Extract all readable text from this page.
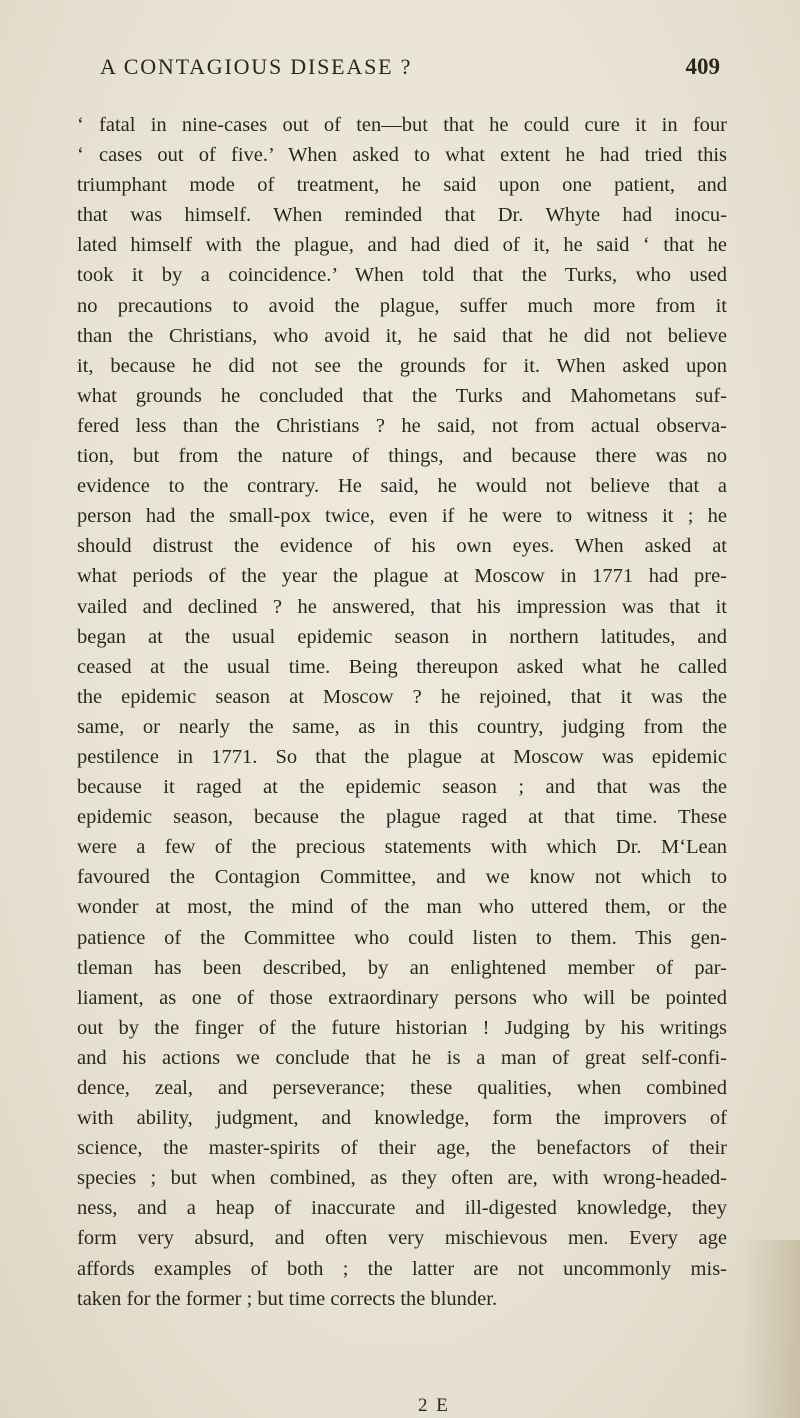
A CONTAGIOUS DISEASE ?	409
‘ fatal in nine-cases out of ten—but that he could cure it in four
‘ cases out of five.’ When asked to what extent he had tried this
triumphant mode of treatment, he said upon one patient, and
that was himself. When reminded that Dr. Whyte had inocu-
lated himself with the plague, and had died of it, he said ‘ that he
took it by a coincidence.’ When told that the Turks, who used
no precautions to avoid the plague, suffer much more from it
than the Christians, who avoid it, he said that he did not believe
it, because he did not see the grounds for it. When asked upon
what grounds he concluded that the Turks and Mahometans suf-
fered less than the Christians ? he said, not from actual observa-
tion, but from the nature of things, and because there was no
evidence to the contrary. He said, he would not believe that a
person had the small-pox twice, even if he were to witness it ; he
should distrust the evidence of his own eyes. When asked at
what periods of the year the plague at Moscow in 1771 had pre-
vailed and declined ? he answered, that his impression was that it
began at the usual epidemic season in northern latitudes, and
ceased at the usual time. Being thereupon asked what he called
the epidemic season at Moscow ? he rejoined, that it was the
same, or nearly the same, as in this country, judging from the
pestilence in 1771. So that the plague at Moscow was epidemic
because it raged at the epidemic season ; and that was the
epidemic season, because the plague raged at that time. These
were a few of the precious statements with which Dr. M‘Lean
favoured the Contagion Committee, and we know not which to
wonder at most, the mind of the man who uttered them, or the
patience of the Committee who could listen to them. This gen-
tleman has been described, by an enlightened member of par-
liament, as one of those extraordinary persons who will be pointed
out by the finger of the future historian ! Judging by his writings
and his actions we conclude that he is a man of great self-confi-
dence, zeal, and perseverance; these qualities, when combined
with ability, judgment, and knowledge, form the improvers of
science, the master-spirits of their age, the benefactors of their
species ; but when combined, as they often are, with wrong-headed-
ness, and a heap of inaccurate and ill-digested knowledge, they
form very absurd, and often very mischievous men. Every age
affords examples of both ; the latter are not uncommonly mis-
taken for the former ; but time corrects the blunder.
2 E
